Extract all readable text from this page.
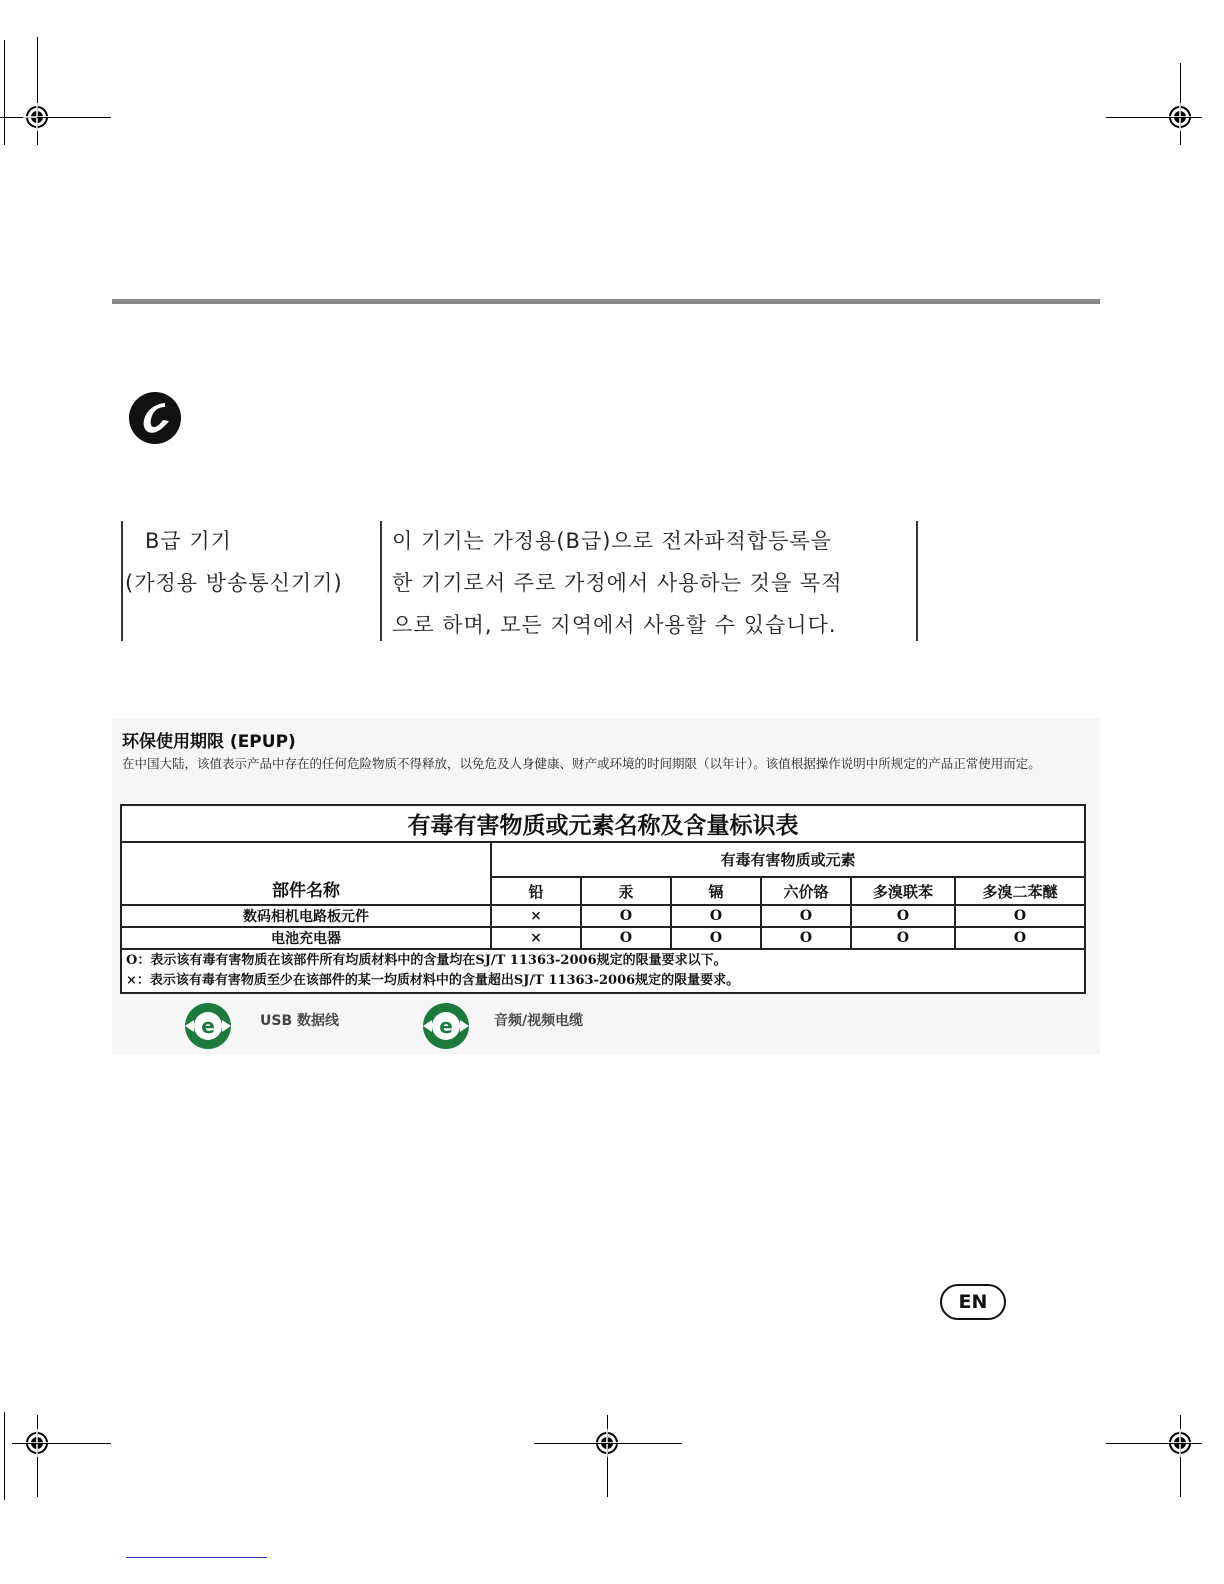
B급 기기
(가정용 방송통신기기)
이 기기는 가정용(B급)으로 전자파적합등록을
한 기기로서 주로 가정에서 사용하는 것을 목적
으로 하며, 모든 지역에서 사용할 수 있습니다.
环保使用期限 (EPUP)
在中国大陆，该值表示产品中存在的任何危险物质不得释放，以免危及人身健康、财产或环境的时间期限（以年计）。该值根据操作说明中所规定的产品正常使用而定。
有毒有害物质或元素名称及含量标识表						
部件名称	有毒有害物质或元素					
	铅	汞	镉	六价铬	多溴联苯	多溴二苯醚
数码相机电路板元件	×	O	O	O	O	O
电池充电器	×	O	O	O	O	O

O：表示该有毒有害物质在该部件所有均质材料中的含量均在SJ/T 11363-2006规定的限量要求以下。
×：表示该有毒有害物质至少在该部件的某一均质材料中的含量超出SJ/T 11363-2006规定的限量要求。						
e	USB 数据线	e	音频/视频电缆
EN
